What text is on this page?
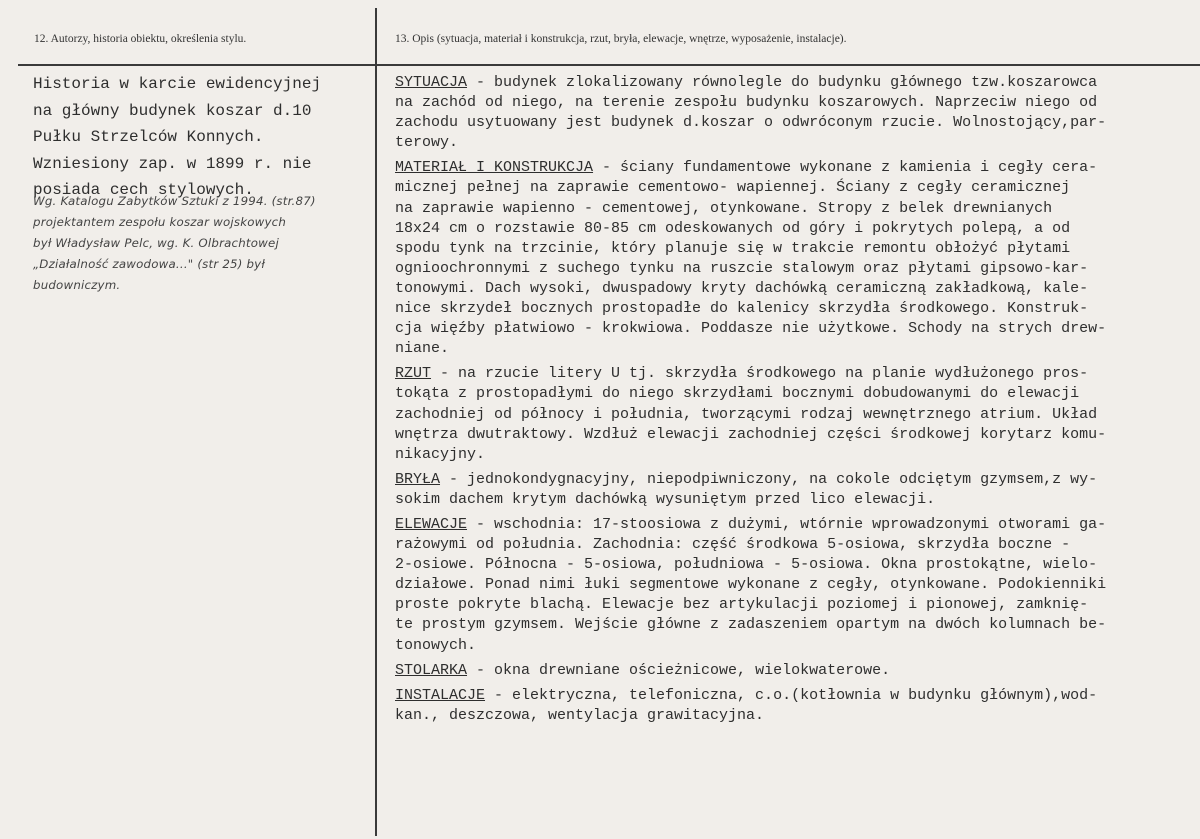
12. Autorzy, historia obiektu, określenia stylu.	13. Opis (sytuacja, materiał i konstrukcja, rzut, bryła, elewacje, wnętrze, wyposażenie, instalacje).
Historia w karcie ewidencyjnej
na główny budynek koszar d.10
Pułku Strzelców Konnych.
Wzniesiony zap. w 1899 r. nie
posiada cech stylowych.
Wg. Katalogu Zabytków Sztuki z 1994. (str.87)
projektantem zespołu koszar wojskowych
był Władysław Pelc, wg. K. Olbrachtowej
„Działalność zawodowa..." (str 25) był
budowniczym.
SYTUACJA - budynek zlokalizowany równolegle do budynku głównego tzw.koszarowca
na zachód od niego, na terenie zespołu budynku koszarowych. Naprzeciw niego od
zachodu usytuowany jest budynek d.koszar o odwróconym rzucie. Wolnostojący,par-
terowy.
MATERIAŁ I KONSTRUKCJA - ściany fundamentowe wykonane z kamienia i cegły cera-
micznej pełnej na zaprawie cementowo- wapiennej. Ściany z cegły ceramicznej
na zaprawie wapienno - cementowej, otynkowane. Stropy z belek drewnianych
18x24 cm o rozstawie 80-85 cm odeskowanych od góry i pokrytych polepą, a od
spodu tynk na trzcinie, który planuje się w trakcie remontu obłożyć płytami
ognioochronnymi z suchego tynku na ruszcie stalowym oraz płytami gipsowo-kar-
tonowymi. Dach wysoki, dwuspadowy kryty dachówką ceramiczną zakładkową, kale-
nice skrzydeł bocznych prostopadłe do kalenicy skrzydła środkowego. Konstruk-
cja więźby płatwiowo - krokwiowa. Poddasze nie użytkowe. Schody na strych drew-
niane.
RZUT - na rzucie litery U tj. skrzydła środkowego na planie wydłużonego pros-
tokąta z prostopadłymi do niego skrzydłami bocznymi dobudowanymi do elewacji
zachodniej od północy i południa, tworzącymi rodzaj wewnętrznego atrium. Układ
wnętrza dwutraktowy. Wzdłuż elewacji zachodniej części środkowej korytarz komu-
nikacyjny.
BRYŁA - jednokondygnacyjny, niepodpiwniczony, na cokole odciętym gzymsem,z wy-
sokim dachem krytym dachówką wysuniętym przed lico elewacji.
ELEWACJE - wschodnia: 17-stoosiowa z dużymi, wtórnie wprowadzonymi otworami ga-
rażowymi od południa. Zachodnia: część środkowa 5-osiowa, skrzydła boczne -
2-osiowe. Północna - 5-osiowa, południowa - 5-osiowa. Okna prostokątne, wielo-
działowe. Ponad nimi łuki segmentowe wykonane z cegły, otynkowane. Podokienniki
proste pokryte blachą. Elewacje bez artykulacji poziomej i pionowej, zamknię-
te prostym gzymsem. Wejście główne z zadaszeniem opartym na dwóch kolumnach be-
tonowych.
STOLARKA - okna drewniane ościeżnicowe, wielokwaterowe.
INSTALACJE - elektryczna, telefoniczna, c.o.(kotłownia w budynku głównym),wod-
kan., deszczowa, wentylacja grawitacyjna.
